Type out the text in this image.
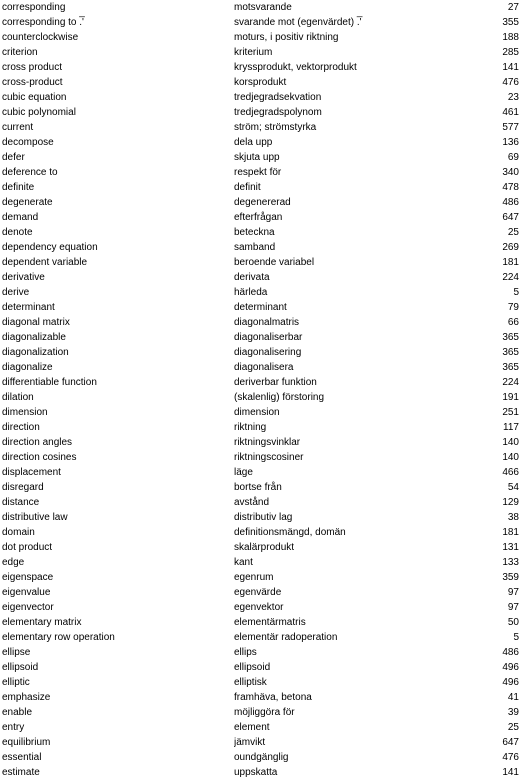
corresponding	motsvarande	27
corresponding to .̅'	svarande mot (egenvärdet) .̅'	355
counterclockwise	moturs, i positiv riktning	188
criterion	kriterium	285
cross product	kryssprodukt, vektorprodukt	141
cross-product	korsprodukt	476
cubic equation	tredjegradsekvation	23
cubic polynomial	tredjegradspolynom	461
current	ström; strömstyrka	577
decompose	dela upp	136
defer	skjuta upp	69
deference to	respekt för	340
definite	definit	478
degenerate	degenererad	486
demand	efterfrågan	647
denote	beteckna	25
dependency equation	samband	269
dependent variable	beroende variabel	181
derivative	derivata	224
derive	härleda	5
determinant	determinant	79
diagonal matrix	diagonalmatris	66
diagonalizable	diagonaliserbar	365
diagonalization	diagonalisering	365
diagonalize	diagonalisera	365
differentiable function	deriverbar funktion	224
dilation	(skalenlig) förstoring	191
dimension	dimension	251
direction	riktning	117
direction angles	riktningsvinklar	140
direction cosines	riktningscosiner	140
displacement	läge	466
disregard	bortse från	54
distance	avstånd	129
distributive law	distributiv lag	38
domain	definitionsmängd, domän	181
dot product	skalärprodukt	131
edge	kant	133
eigenspace	egenrum	359
eigenvalue	egenvärde	97
eigenvector	egenvektor	97
elementary matrix	elementärmatris	50
elementary row operation	elementär radoperation	5
ellipse	ellips	486
ellipsoid	ellipsoid	496
elliptic	elliptisk	496
emphasize	framhäva, betona	41
enable	möjliggöra för	39
entry	element	25
equilibrium	jämvikt	647
essential	oundgänglig	476
estimate	uppskatta	141
